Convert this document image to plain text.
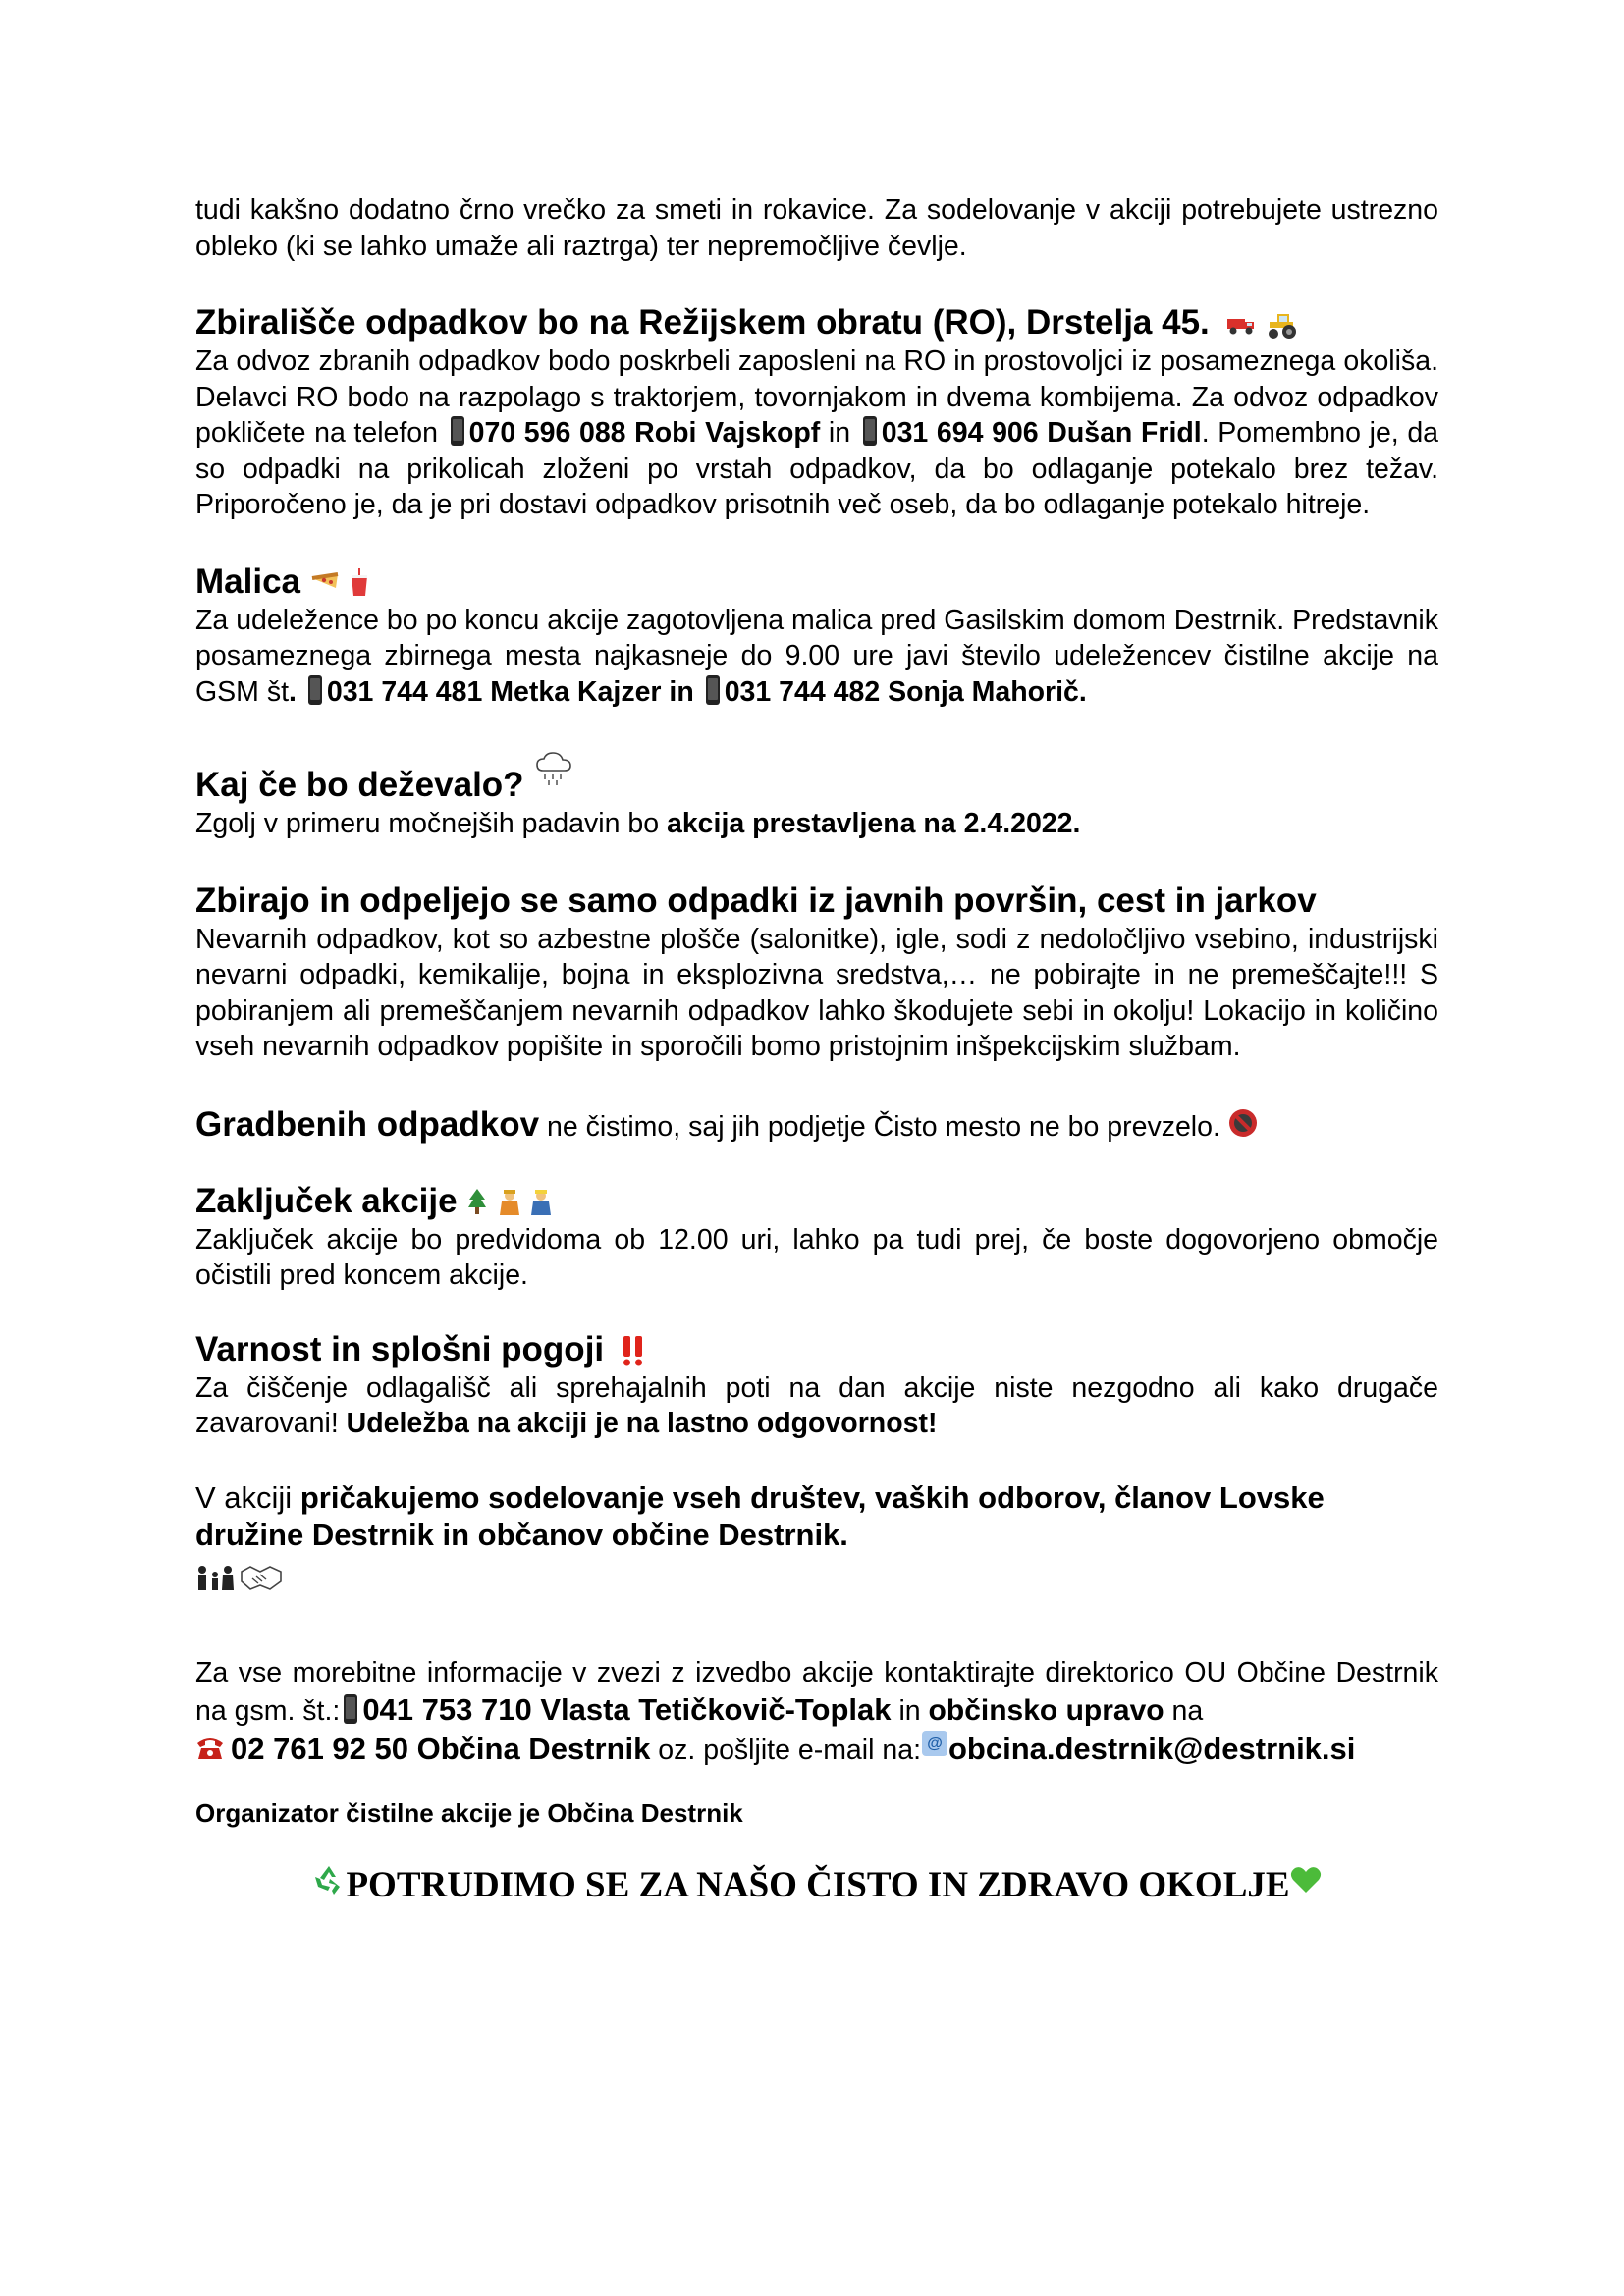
tudi kakšno dodatno črno vrečko za smeti in rokavice. Za sodelovanje v akciji potrebujete ustrezno obleko (ki se lahko umaže ali raztrga) ter nepremočljive čevlje.

Zbirališče odpadkov bo na Režijskem obratu (RO), Drstelja 45.

Za odvoz zbranih odpadkov bodo poskrbeli zaposleni na RO in prostovoljci iz posameznega okoliša. Delavci RO bodo na razpolago s traktorjem, tovornjakom in dvema kombijema. Za odvoz odpadkov pokličete na telefon 070 596 088 Robi Vajskopf in 031 694 906 Dušan Fridl. Pomembno je, da so odpadki na prikolicah zloženi po vrstah odpadkov, da bo odlaganje potekalo brez težav. Priporočeno je, da je pri dostavi odpadkov prisotnih več oseb, da bo odlaganje potekalo hitreje.

Malica

Za udeležence bo po koncu akcije zagotovljena malica pred Gasilskim domom Destrnik. Predstavnik posameznega zbirnega mesta najkasneje do 9.00 ure javi število udeležencev čistilne akcije na GSM št. 031 744 481 Metka Kajzer in 031 744 482 Sonja Mahorič.

Kaj če bo deževalo?

Zgolj v primeru močnejših padavin bo akcija prestavljena na 2.4.2022.

Zbirajo in odpeljejo se samo odpadki iz javnih površin, cest in jarkov

Nevarnih odpadkov, kot so azbestne plošče (salonitke), igle, sodi z nedoločljivo vsebino, industrijski nevarni odpadki, kemikalije, bojna in eksplozivna sredstva,… ne pobirajte in ne premeščajte!!! S pobiranjem ali premeščanjem nevarnih odpadkov lahko škodujete sebi in okolju! Lokacijo in količino vseh nevarnih odpadkov popišite in sporočili bomo pristojnim inšpekcijskim službam.

Gradbenih odpadkov ne čistimo, saj jih podjetje Čisto mesto ne bo prevzelo.

Zaključek akcije

Zaključek akcije bo predvidoma ob 12.00 uri, lahko pa tudi prej, če boste dogovorjeno območje očistili pred koncem akcije.

Varnost in splošni pogoji

Za čiščenje odlagališč ali sprehajalnih poti na dan akcije niste nezgodno ali kako drugače zavarovani! Udeležba na akciji je na lastno odgovornost!

V akciji pričakujemo sodelovanje vseh društev, vaških odborov, članov Lovske družine Destrnik in občanov občine Destrnik.

Za vse morebitne informacije v zvezi z izvedbo akcije kontaktirajte direktorico OU Občine Destrnik na gsm. št.: 041 753 710 Vlasta Tetičkovič-Toplak in občinsko upravo na
02 761 92 50 Občina Destrnik oz. pošljite e-mail na: @ obcina.destrnik@destrnik.si

Organizator čistilne akcije je Občina Destrnik

POTRUDIMO SE ZA NAŠO ČISTO IN ZDRAVO OKOLJE
